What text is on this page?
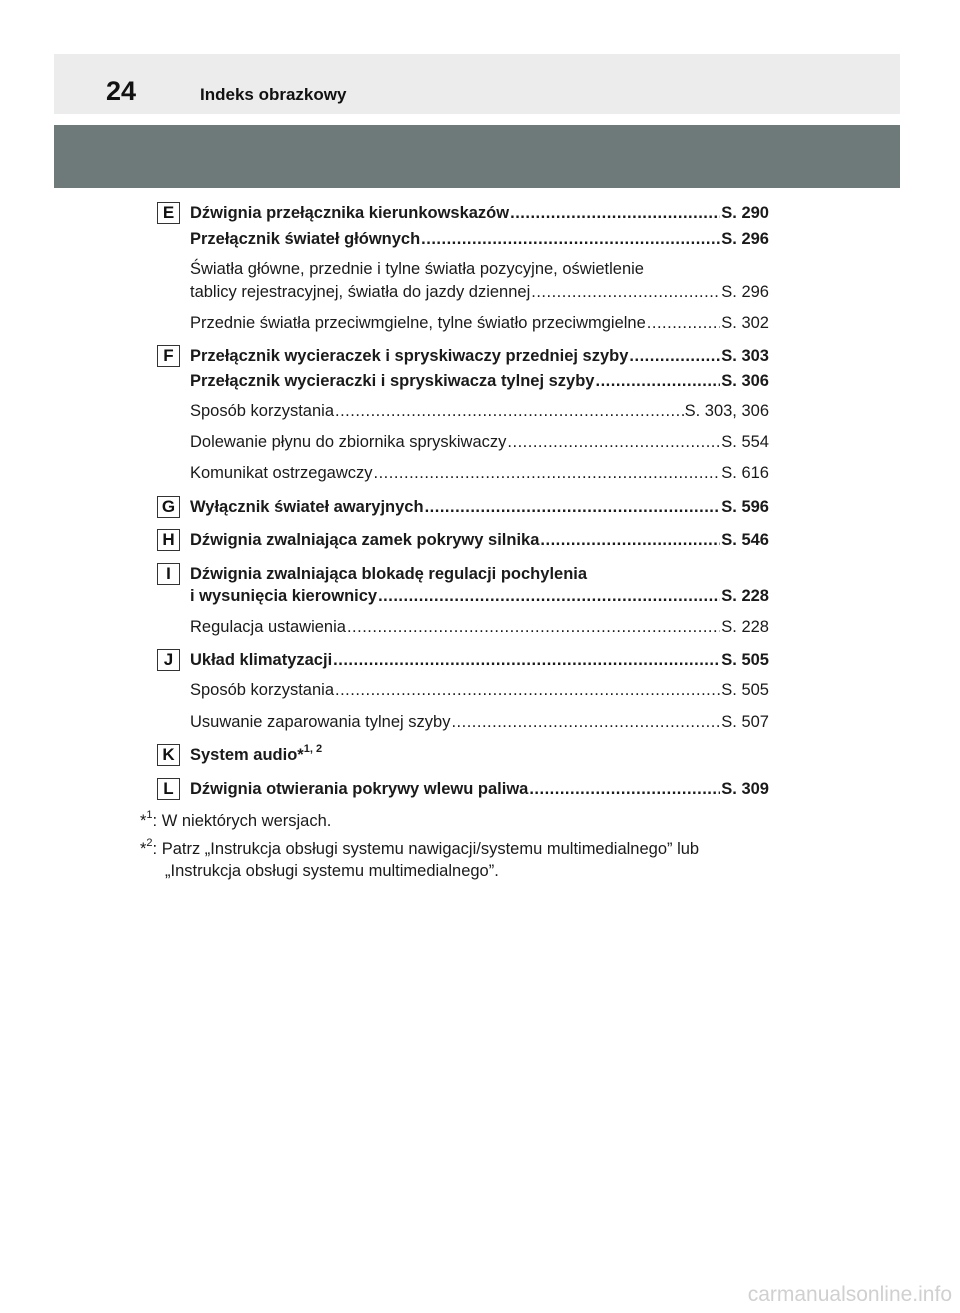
24	Indeks obrazkowy
E Dźwignia przełącznika kierunkowskazów .....	S. 290
Przełącznik świateł głównych .....	S. 296
Światła główne, przednie i tylne światła pozycyjne, oświetlenie
tablicy rejestracyjnej, światła do jazdy dziennej .....	S. 296
Przednie światła przeciwmgielne, tylne światło przeciwmgielne .....	S. 302
F Przełącznik wycieraczek i spryskiwaczy przedniej szyby .....	S. 303
Przełącznik wycieraczki i spryskiwacza tylnej szyby .....	S. 306
Sposób korzystania .....	S. 303, 306
Dolewanie płynu do zbiornika spryskiwaczy .....	S. 554
Komunikat ostrzegawczy .....	S. 616
G Wyłącznik świateł awaryjnych .....	S. 596
H Dźwignia zwalniająca zamek pokrywy silnika .....	S. 546
I	Dźwignia zwalniająca blokadę regulacji pochylenia
i wysunięcia kierownicy .....	S. 228
Regulacja ustawienia .....	S. 228
J	Układ klimatyzacji .....	S. 505
Sposób korzystania .....	S. 505
Usuwanie zaparowania tylnej szyby .....	S. 507
K System audio*$^{1, 2}$
L Dźwignia otwierania pokrywy wlewu paliwa .....	S. 309
*$^1$: W niektórych wersjach.
*$^2$: Patrz „Instrukcja obsługi systemu nawigacji/systemu multimedialnego” lub
„Instrukcja obsługi systemu multimedialnego”.
carmanualsonline.info
